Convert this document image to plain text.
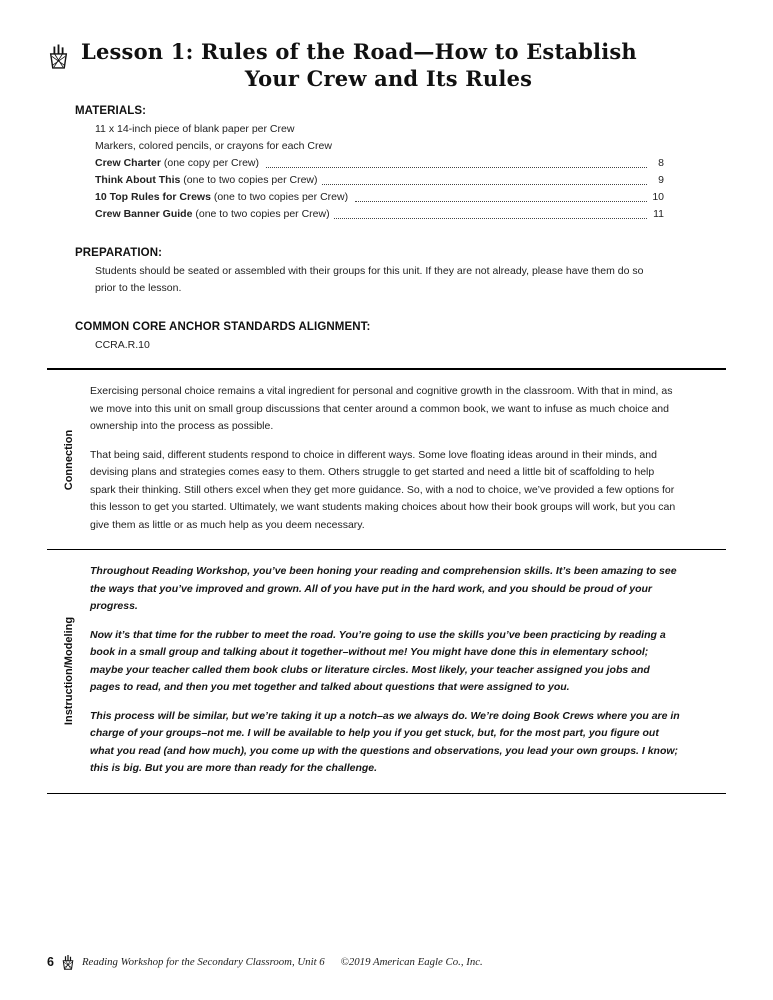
Lesson 1: Rules of the Road—How to Establish
Your Crew and Its Rules
MATERIALS:
11 x 14-inch piece of blank paper per Crew
Markers, colored pencils, or crayons for each Crew
Crew Charter (one copy per Crew)	8
Think About This (one to two copies per Crew)	9
10 Top Rules for Crews (one to two copies per Crew)	10
Crew Banner Guide (one to two copies per Crew)	11
PREPARATION:
Students should be seated or assembled with their groups for this unit. If they are not already, please have them do so prior to the lesson.
COMMON CORE ANCHOR STANDARDS ALIGNMENT:
CCRA.R.10
Connection

Exercising personal choice remains a vital ingredient for personal and cognitive growth in the classroom. With that in mind, as we move into this unit on small group discussions that center around a common book, we want to infuse as much choice and ownership into the process as possible.

That being said, different students respond to choice in different ways. Some love floating ideas around in their minds, and devising plans and strategies comes easy to them. Others struggle to get started and need a little bit of scaffolding to help spark their thinking. Still others excel when they get more guidance. So, with a nod to choice, we’ve provided a few options for this lesson to get you started. Ultimately, we want students making choices about how their book groups will work, but you can give them as little or as much help as you deem necessary.

Instruction/Modeling

Throughout Reading Workshop, you’ve been honing your reading and comprehension skills. It’s been amazing to see the ways that you’ve improved and grown. All of you have put in the hard work, and you should be proud of your progress.

Now it’s that time for the rubber to meet the road. You’re going to use the skills you’ve been practicing by reading a book in a small group and talking about it together–without me! You might have done this in elementary school; maybe your teacher called them book clubs or literature circles. Most likely, your teacher assigned you jobs and pages to read, and then you met together and talked about questions that were assigned to you.

This process will be similar, but we’re taking it up a notch–as we always do. We’re doing Book Crews where you are in charge of your groups–not me. I will be available to help you if you get stuck, but, for the most part, you figure out what you read (and how much), you come up with the questions and observations, you lead your own groups. I know; this is big. But you are more than ready for the challenge.

6	Reading Workshop for the Secondary Classroom, Unit 6 ©2019 American Eagle Co., Inc.
